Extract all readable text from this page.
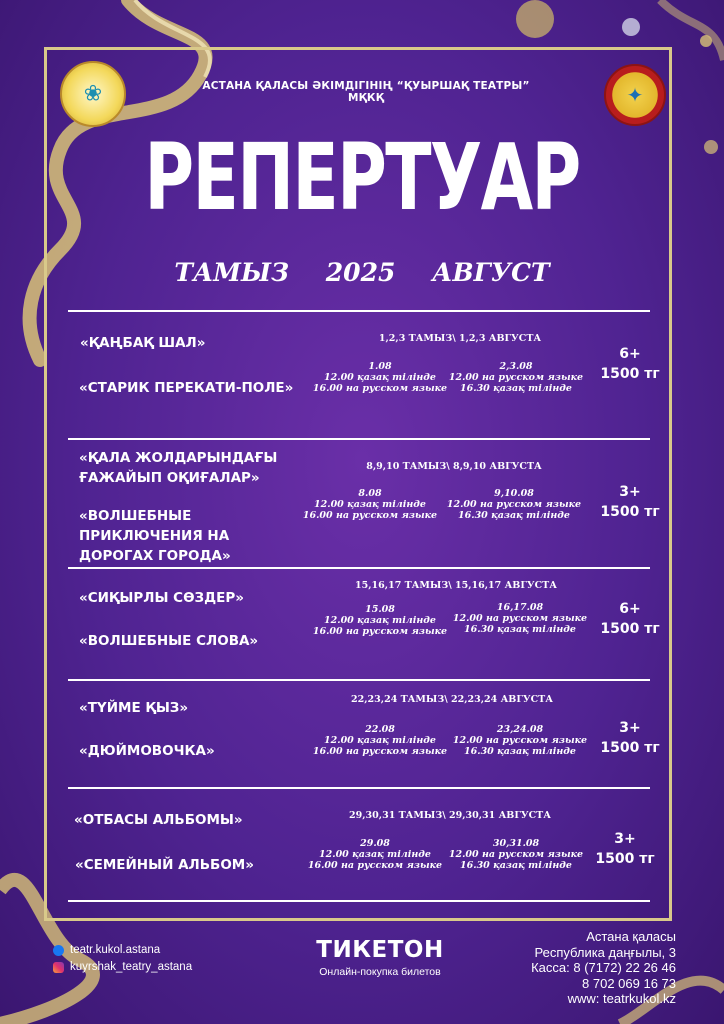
❀	✦
АСТАНА ҚАЛАСЫ ӘКІМДІГІНІҢ “ҚУЫРШАҚ ТЕАТРЫ” МҚКҚ
РЕПЕРТУАР
ТАМЫЗ 2025 АВГУСТ
«ҚАҢБАҚ ШАЛ»
«СТАРИК ПЕРЕКАТИ-ПОЛЕ»
1,2,3 ТАМЫЗ\ 1,2,3 АВГУСТА
1.08
12.00 қазақ тілінде
16.00 на русском языке
2,3.08
12.00 на русском языке
16.30 қазақ тілінде
6+
1500 тг
«ҚАЛА ЖОЛДАРЫНДАҒЫ
ҒАЖАЙЫП ОҚИҒАЛАР»
«ВОЛШЕБНЫЕ
ПРИКЛЮЧЕНИЯ НА
ДОРОГАХ ГОРОДА»
8,9,10 ТАМЫЗ\ 8,9,10 АВГУСТА
8.08
12.00 қазақ тілінде
16.00 на русском языке
9,10.08
12.00 на русском языке
16.30 қазақ тілінде
3+
1500 тг
«СИҚЫРЛЫ СӨЗДЕР»
«ВОЛШЕБНЫЕ СЛОВА»
15,16,17 ТАМЫЗ\ 15,16,17 АВГУСТА
15.08
12.00 қазақ тілінде
16.00 на русском языке
16,17.08
12.00 на русском языке
16.30 қазақ тілінде
6+
1500 тг
«ТҮЙМЕ ҚЫЗ»
«ДЮЙМОВОЧКА»
22,23,24 ТАМЫЗ\ 22,23,24 АВГУСТА
22.08
12.00 қазақ тілінде
16.00 на русском языке
23,24.08
12.00 на русском языке
16.30 қазақ тілінде
3+
1500 тг
«ОТБАСЫ АЛЬБОМЫ»
«СЕМЕЙНЫЙ АЛЬБОМ»
29,30,31 ТАМЫЗ\ 29,30,31 АВГУСТА
29.08
12.00 қазақ тілінде
16.00 на русском языке
30,31.08
12.00 на русском языке
16.30 қазақ тілінде
3+
1500 тг
teatr.kukol.astana
kuyrshak_teatry_astana
ТИКЕТОН
Онлайн-покупка билетов
Астана қаласы
Республика даңғылы, 3
Касса: 8 (7172) 22 26 46
8 702 069 16 73
www: teatrkukol.kz
